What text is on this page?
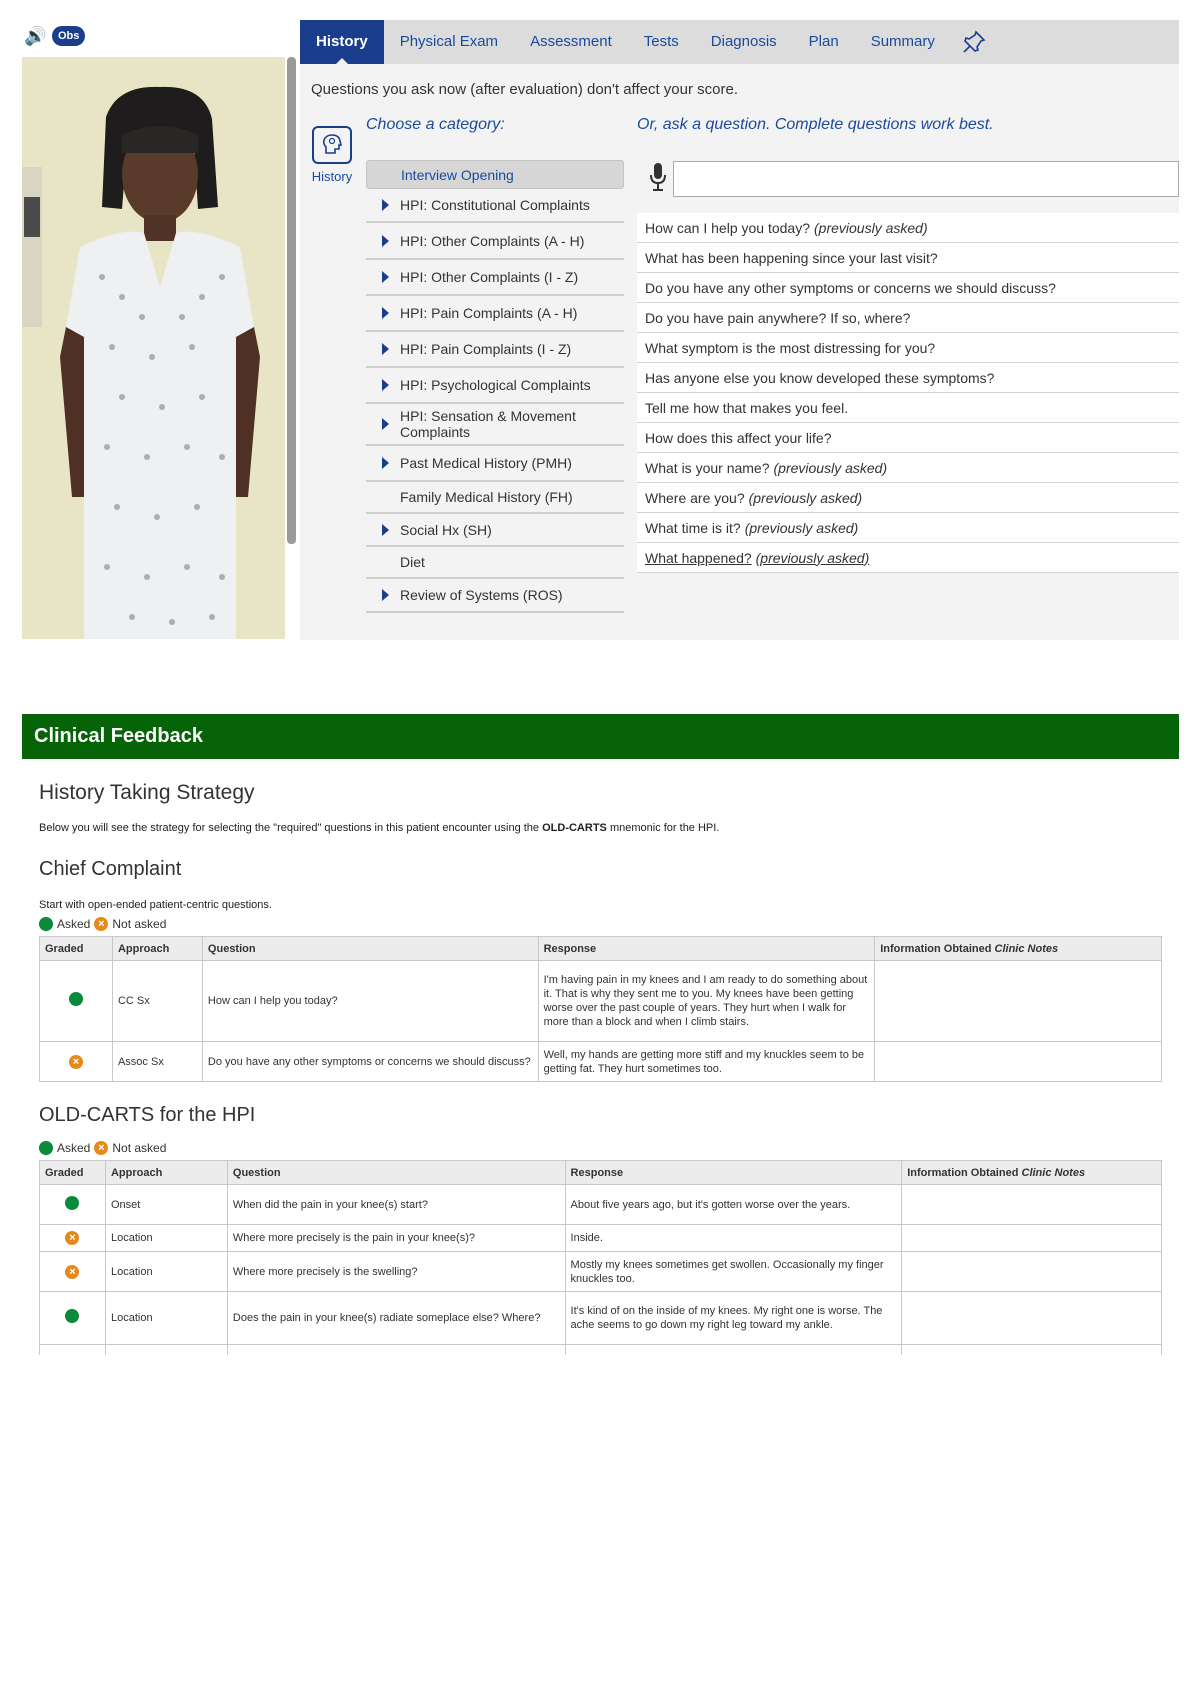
🔊	Obs	History	Physical Exam	Assessment	Tests	Diagnosis	Plan	Summary
Questions you ask now (after evaluation) don't affect your score.
History
Choose a category:	Or, ask a question. Complete questions work best.
Interview Opening
HPI: Constitutional Complaints
HPI: Other Complaints (A - H)
HPI: Other Complaints (I - Z)
HPI: Pain Complaints (A - H)
HPI: Pain Complaints (I - Z)
HPI: Psychological Complaints
HPI: Sensation & Movement Complaints
Past Medical History (PMH)
Family Medical History (FH)
Social Hx (SH)
Diet
Review of Systems (ROS)
How can I help you today? (previously asked)
What has been happening since your last visit?
Do you have any other symptoms or concerns we should discuss?
Do you have pain anywhere? If so, where?
What symptom is the most distressing for you?
Has anyone else you know developed these symptoms?
Tell me how that makes you feel.
How does this affect your life?
What is your name? (previously asked)
Where are you? (previously asked)
What time is it? (previously asked)
What happened? (previously asked)
Clinical Feedback
History Taking Strategy
Below you will see the strategy for selecting the "required" questions in this patient encounter using the OLD-CARTS mnemonic for the HPI.
Chief Complaint
Start with open-ended patient-centric questions.
Asked × Not asked
Graded	Approach	Question	Response	Information Obtained Clinic Notes
	CC Sx	How can I help you today?	I'm having pain in my knees and I am ready to do something about it. That is why they sent me to you. My knees have been getting worse over the past couple of years. They hurt when I walk for more than a block and when I climb stairs.	
×	Assoc Sx	Do you have any other symptoms or concerns we should discuss?	Well, my hands are getting more stiff and my knuckles seem to be getting fat. They hurt sometimes too.	
OLD-CARTS for the HPI
Asked × Not asked
Graded	Approach	Question	Response	Information Obtained Clinic Notes
	Onset	When did the pain in your knee(s) start?	About five years ago, but it's gotten worse over the years.	
×	Location	Where more precisely is the pain in your knee(s)?	Inside.	
×	Location	Where more precisely is the swelling?	Mostly my knees sometimes get swollen. Occasionally my finger knuckles too.	
	Location	Does the pain in your knee(s) radiate someplace else? Where?	It's kind of on the inside of my knees. My right one is worse. The ache seems to go down my right leg toward my ankle.	
